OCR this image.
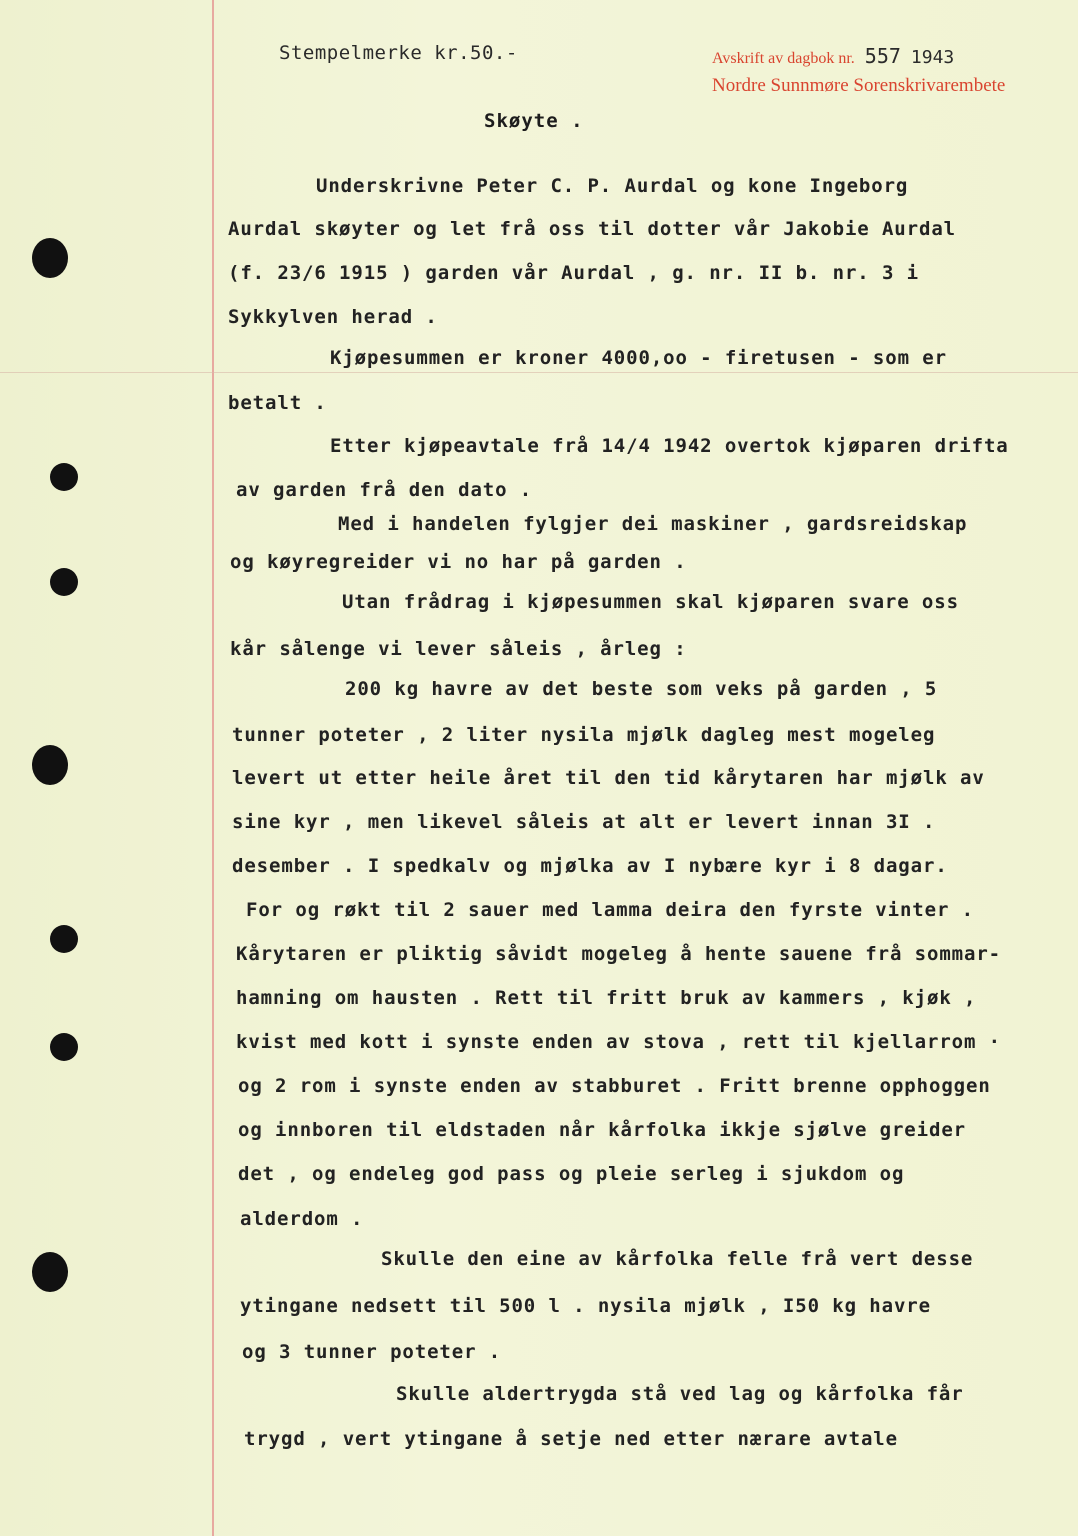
Stempelmerke kr.50.-	Avskrift av dagbok nr. 557 1943
Nordre Sunnmøre Sorenskrivarembete
Skøyte .
Underskrivne Peter C. P. Aurdal og kone Ingeborg
Aurdal skøyter og let frå oss til dotter vår Jakobie Aurdal
(f. 23/6 1915 ) garden vår Aurdal , g. nr. II b. nr. 3 i
Sykkylven herad .
Kjøpesummen er kroner 4000,oo - firetusen - som er
betalt .
Etter kjøpeavtale frå 14/4 1942 overtok kjøparen drifta
av garden frå den dato .
Med i handelen fylgjer dei maskiner , gardsreidskap
og køyregreider vi no har på garden .
Utan frådrag i kjøpesummen skal kjøparen svare oss
kår sålenge vi lever såleis , årleg :
200 kg havre av det beste som veks på garden , 5
tunner poteter , 2 liter nysila mjølk dagleg mest mogeleg
levert ut etter heile året til den tid kårytaren har mjølk av
sine kyr , men likevel såleis at alt er levert innan 3I .
desember . I spedkalv og mjølka av I nybære kyr i 8 dagar.
For og røkt til 2 sauer med lamma deira den fyrste vinter .
Kårytaren er pliktig såvidt mogeleg å hente sauene frå sommar-
hamning om hausten . Rett til fritt bruk av kammers , kjøk ,
kvist med kott i synste enden av stova , rett til kjellarrom ·
og 2 rom i synste enden av stabburet . Fritt brenne opphoggen
og innboren til eldstaden når kårfolka ikkje sjølve greider
det , og endeleg god pass og pleie serleg i sjukdom og
alderdom .
Skulle den eine av kårfolka felle frå vert desse
ytingane nedsett til 500 l . nysila mjølk , I50 kg havre
og 3 tunner poteter .
Skulle aldertrygda stå ved lag og kårfolka får
trygd , vert ytingane å setje ned etter nærare avtale
